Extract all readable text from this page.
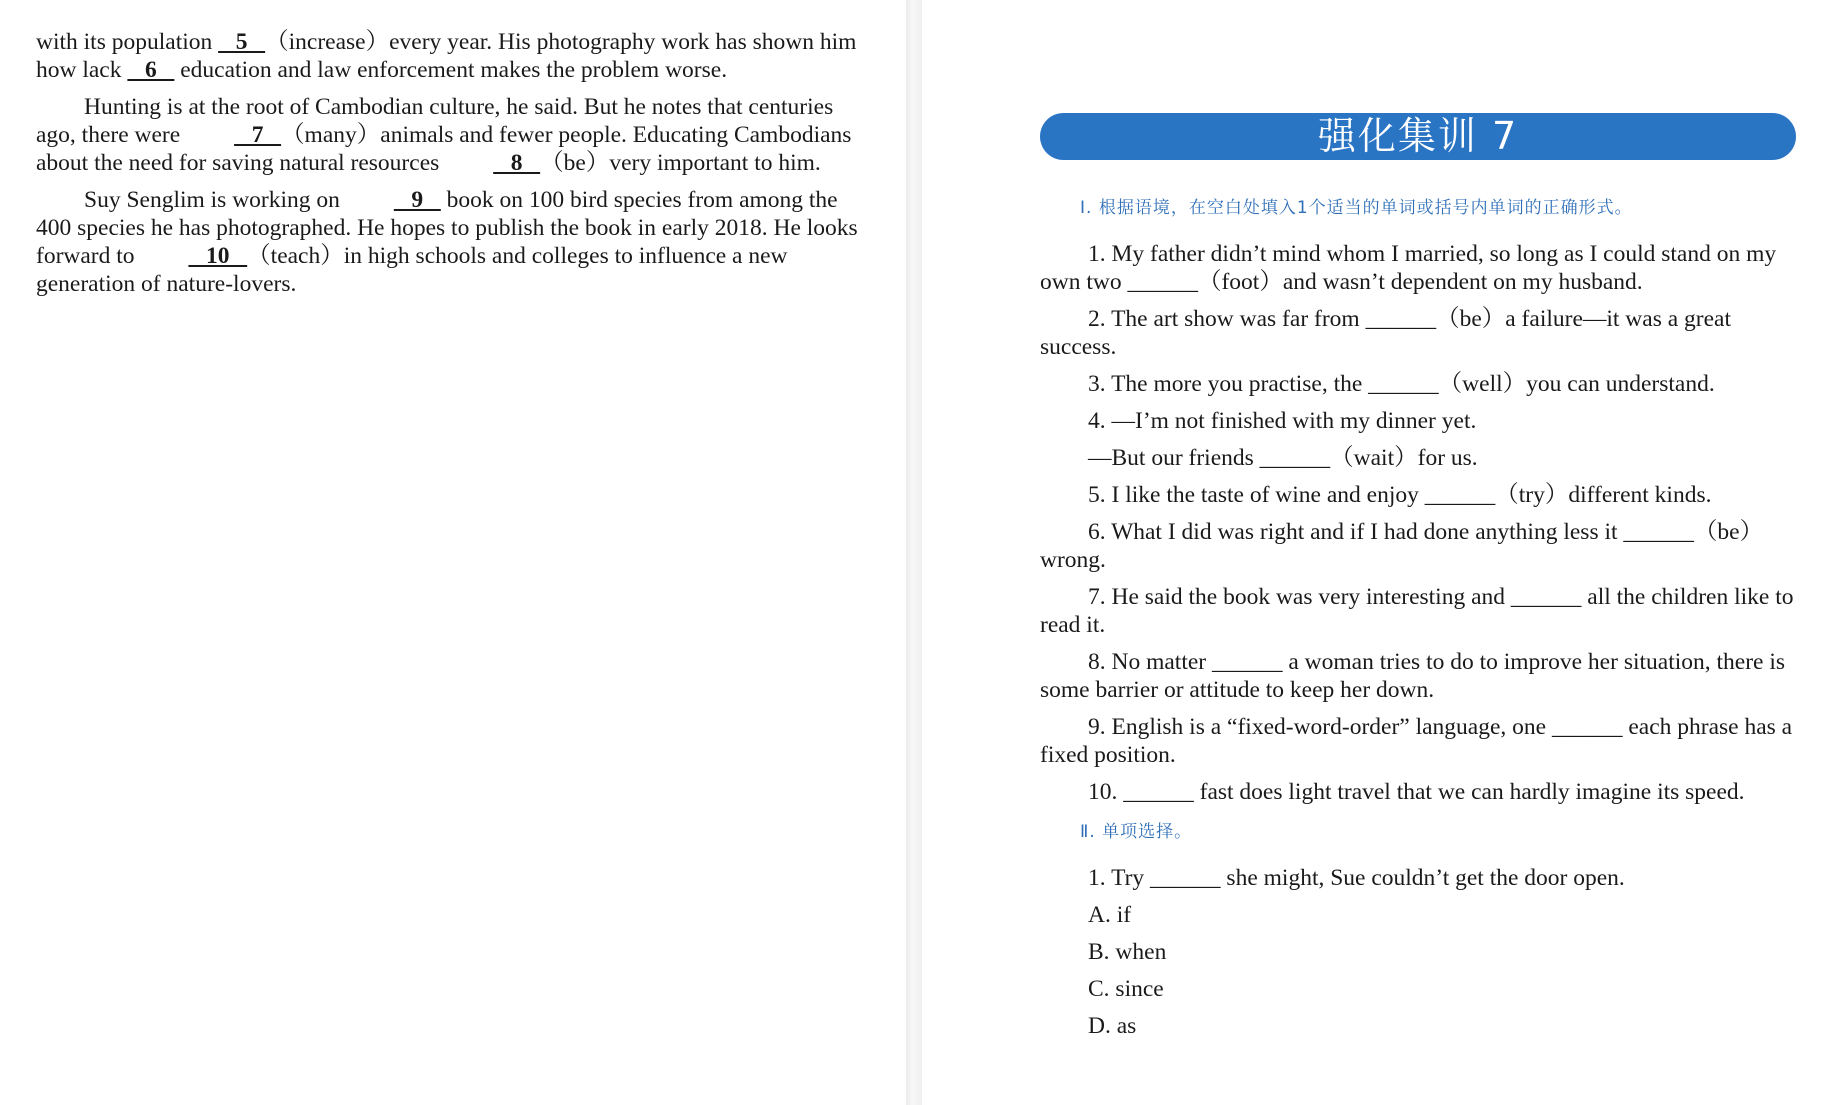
with its population    5   （increase）every year. His photography work has shown him how lack    6    education and law enforcement makes the problem worse.

Hunting is at the root of Cambodian culture, he said. But he notes that centuries ago, there were    7   （many）animals and fewer people. Educating Cambodians about the need for saving natural resources    8   （be）very important to him.

Suy Senglim is working on    9    book on 100 bird species from among the 400 species he has photographed. He hopes to publish the book in early 2018. He looks forward to    10   （teach）in high schools and colleges to influence a new generation of nature-lovers.

强化集训 7
Ⅰ. 根据语境，在空白处填入1个适当的单词或括号内单词的正确形式。

1. My father didn’t mind whom I married, so long as I could stand on my own two ______（foot）and wasn’t dependent on my husband.

2. The art show was far from ______（be）a failure—it was a great success.

3. The more you practise, the ______（well）you can understand.

4. —I’m not finished with my dinner yet.

—But our friends ______（wait）for us.

5. I like the taste of wine and enjoy ______（try）different kinds.

6. What I did was right and if I had done anything less it ______（be）wrong.

7. He said the book was very interesting and ______ all the children like to read it.

8. No matter ______ a woman tries to do to improve her situation, there is some barrier or attitude to keep her down.

9. English is a “fixed-word-order” language, one ______ each phrase has a fixed position.

10. ______ fast does light travel that we can hardly imagine its speed.

Ⅱ. 单项选择。

1. Try ______ she might, Sue couldn’t get the door open.

A. if

B. when

C. since

D. as
